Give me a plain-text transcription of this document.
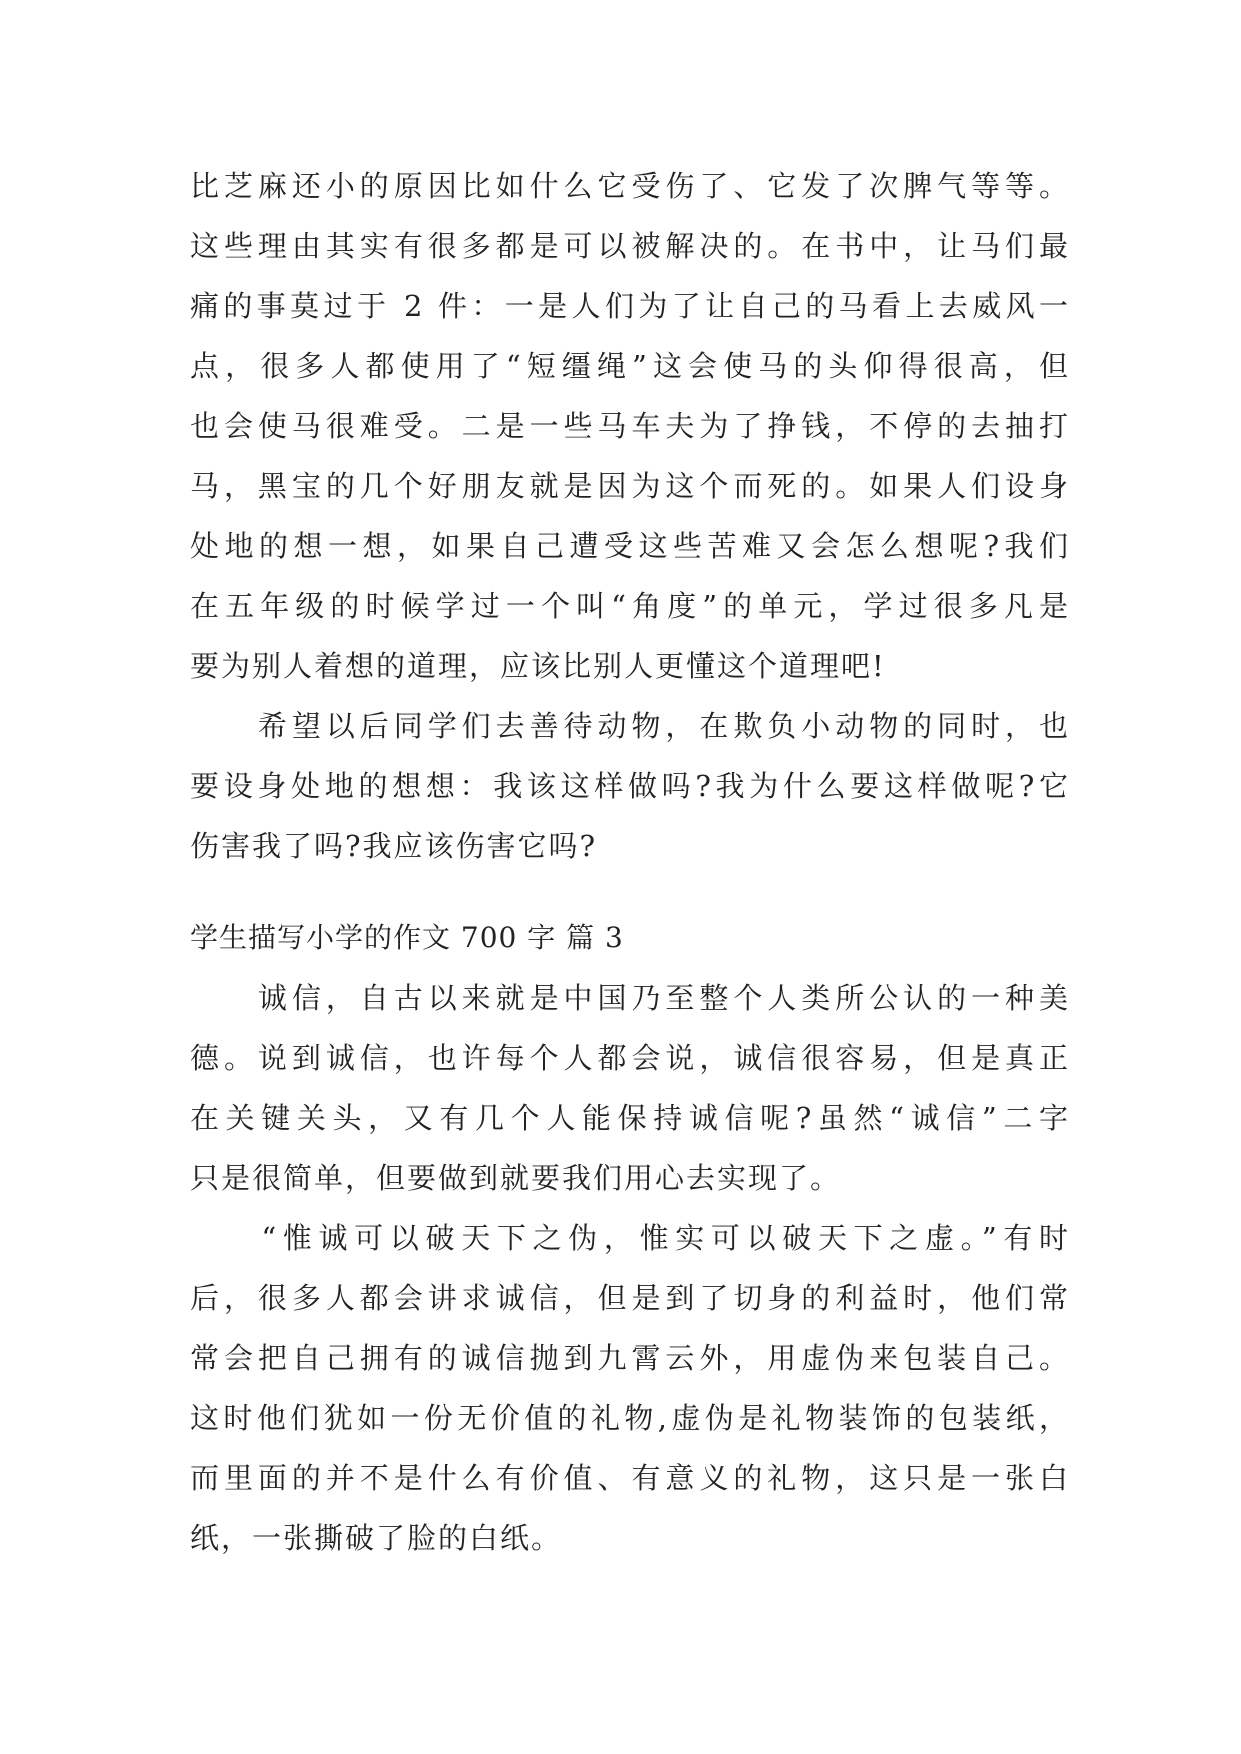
比芝麻还小的原因比如什么它受伤了、它发了次脾气等等。
这些理由其实有很多都是可以被解决的。在书中，让马们最
痛的事莫过于 2 件：一是人们为了让自己的马看上去威风一
点，很多人都使用了“短缰绳”这会使马的头仰得很高，但
也会使马很难受。二是一些马车夫为了挣钱，不停的去抽打
马，黑宝的几个好朋友就是因为这个而死的。如果人们设身
处地的想一想，如果自己遭受这些苦难又会怎么想呢?我们
在五年级的时候学过一个叫“角度”的单元，学过很多凡是
要为别人着想的道理，应该比别人更懂这个道理吧!
　　希望以后同学们去善待动物，在欺负小动物的同时，也
要设身处地的想想：我该这样做吗?我为什么要这样做呢?它
伤害我了吗?我应该伤害它吗?
学生描写小学的作文 700 字 篇 3
　　诚信，自古以来就是中国乃至整个人类所公认的一种美
德。说到诚信，也许每个人都会说，诚信很容易，但是真正
在关键关头，又有几个人能保持诚信呢?虽然“诚信”二字
只是很简单，但要做到就要我们用心去实现了。
　　“惟诚可以破天下之伪，惟实可以破天下之虚。”有时
后，很多人都会讲求诚信，但是到了切身的利益时，他们常
常会把自己拥有的诚信抛到九霄云外，用虚伪来包装自己。
这时他们犹如一份无价值的礼物,虚伪是礼物装饰的包装纸，
而里面的并不是什么有价值、有意义的礼物，这只是一张白
纸，一张撕破了脸的白纸。
